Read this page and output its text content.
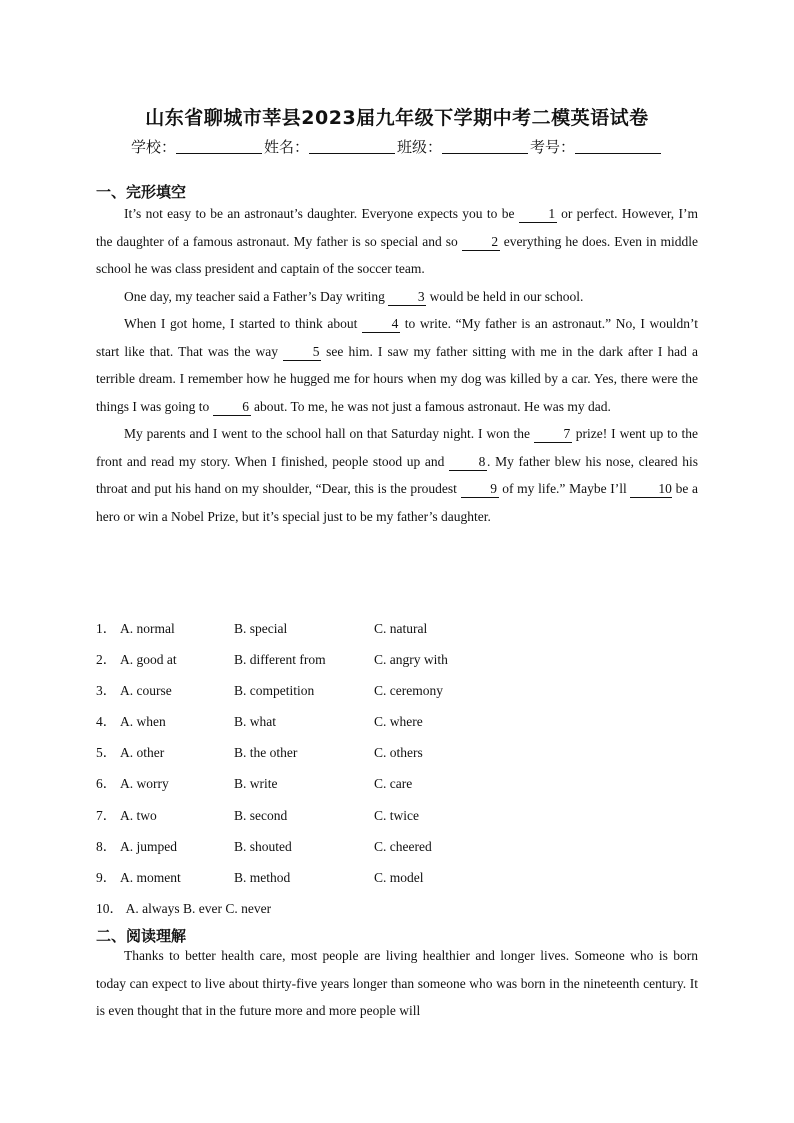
山东省聊城市莘县2023届九年级下学期中考二模英语试卷
学校：	姓名：	班级：	考号：
一、完形填空

It’s not easy to be an astronaut’s daughter. Everyone expects you to be 1 or perfect. However, I’m the daughter of a famous astronaut. My father is so special and so 2 everything he does. Even in middle school he was class president and captain of the soccer team.

One day, my teacher said a Father’s Day writing 3 would be held in our school.

When I got home, I started to think about 4 to write. “My father is an astronaut.” No, I wouldn’t start like that. That was the way 5 see him. I saw my father sitting with me in the dark after I had a terrible dream. I remember how he hugged me for hours when my dog was killed by a car. Yes, there were the things I was going to 6 about. To me, he was not just a famous astronaut. He was my dad.

My parents and I went to the school hall on that Saturday night. I won the 7 prize! I went up to the front and read my story. When I finished, people stood up and 8 . My father blew his nose, cleared his throat and put his hand on my shoulder, “Dear, this is the proudest 9 of my life.” Maybe I’ll 10 be a hero or win a Nobel Prize, but it’s special just to be my father’s daughter.

1． A. normal	B. special	C. natural
2． A. good at	B. different from	C. angry with
3． A. course	B. competition	C. ceremony
4． A. when	B. what	C. where
5． A. other	B. the other	C. others
6． A. worry	B. write	C. care
7． A. two	B. second	C. twice
8． A. jumped	B. shouted	C. cheered
9． A. moment	B. method	C. model
10． A. always B. ever C. never
二、阅读理解

Thanks to better health care, most people are living healthier and longer lives. Someone who is born today can expect to live about thirty-five years longer than someone who was born in the nineteenth century. It is even thought that in the future more and more people will
